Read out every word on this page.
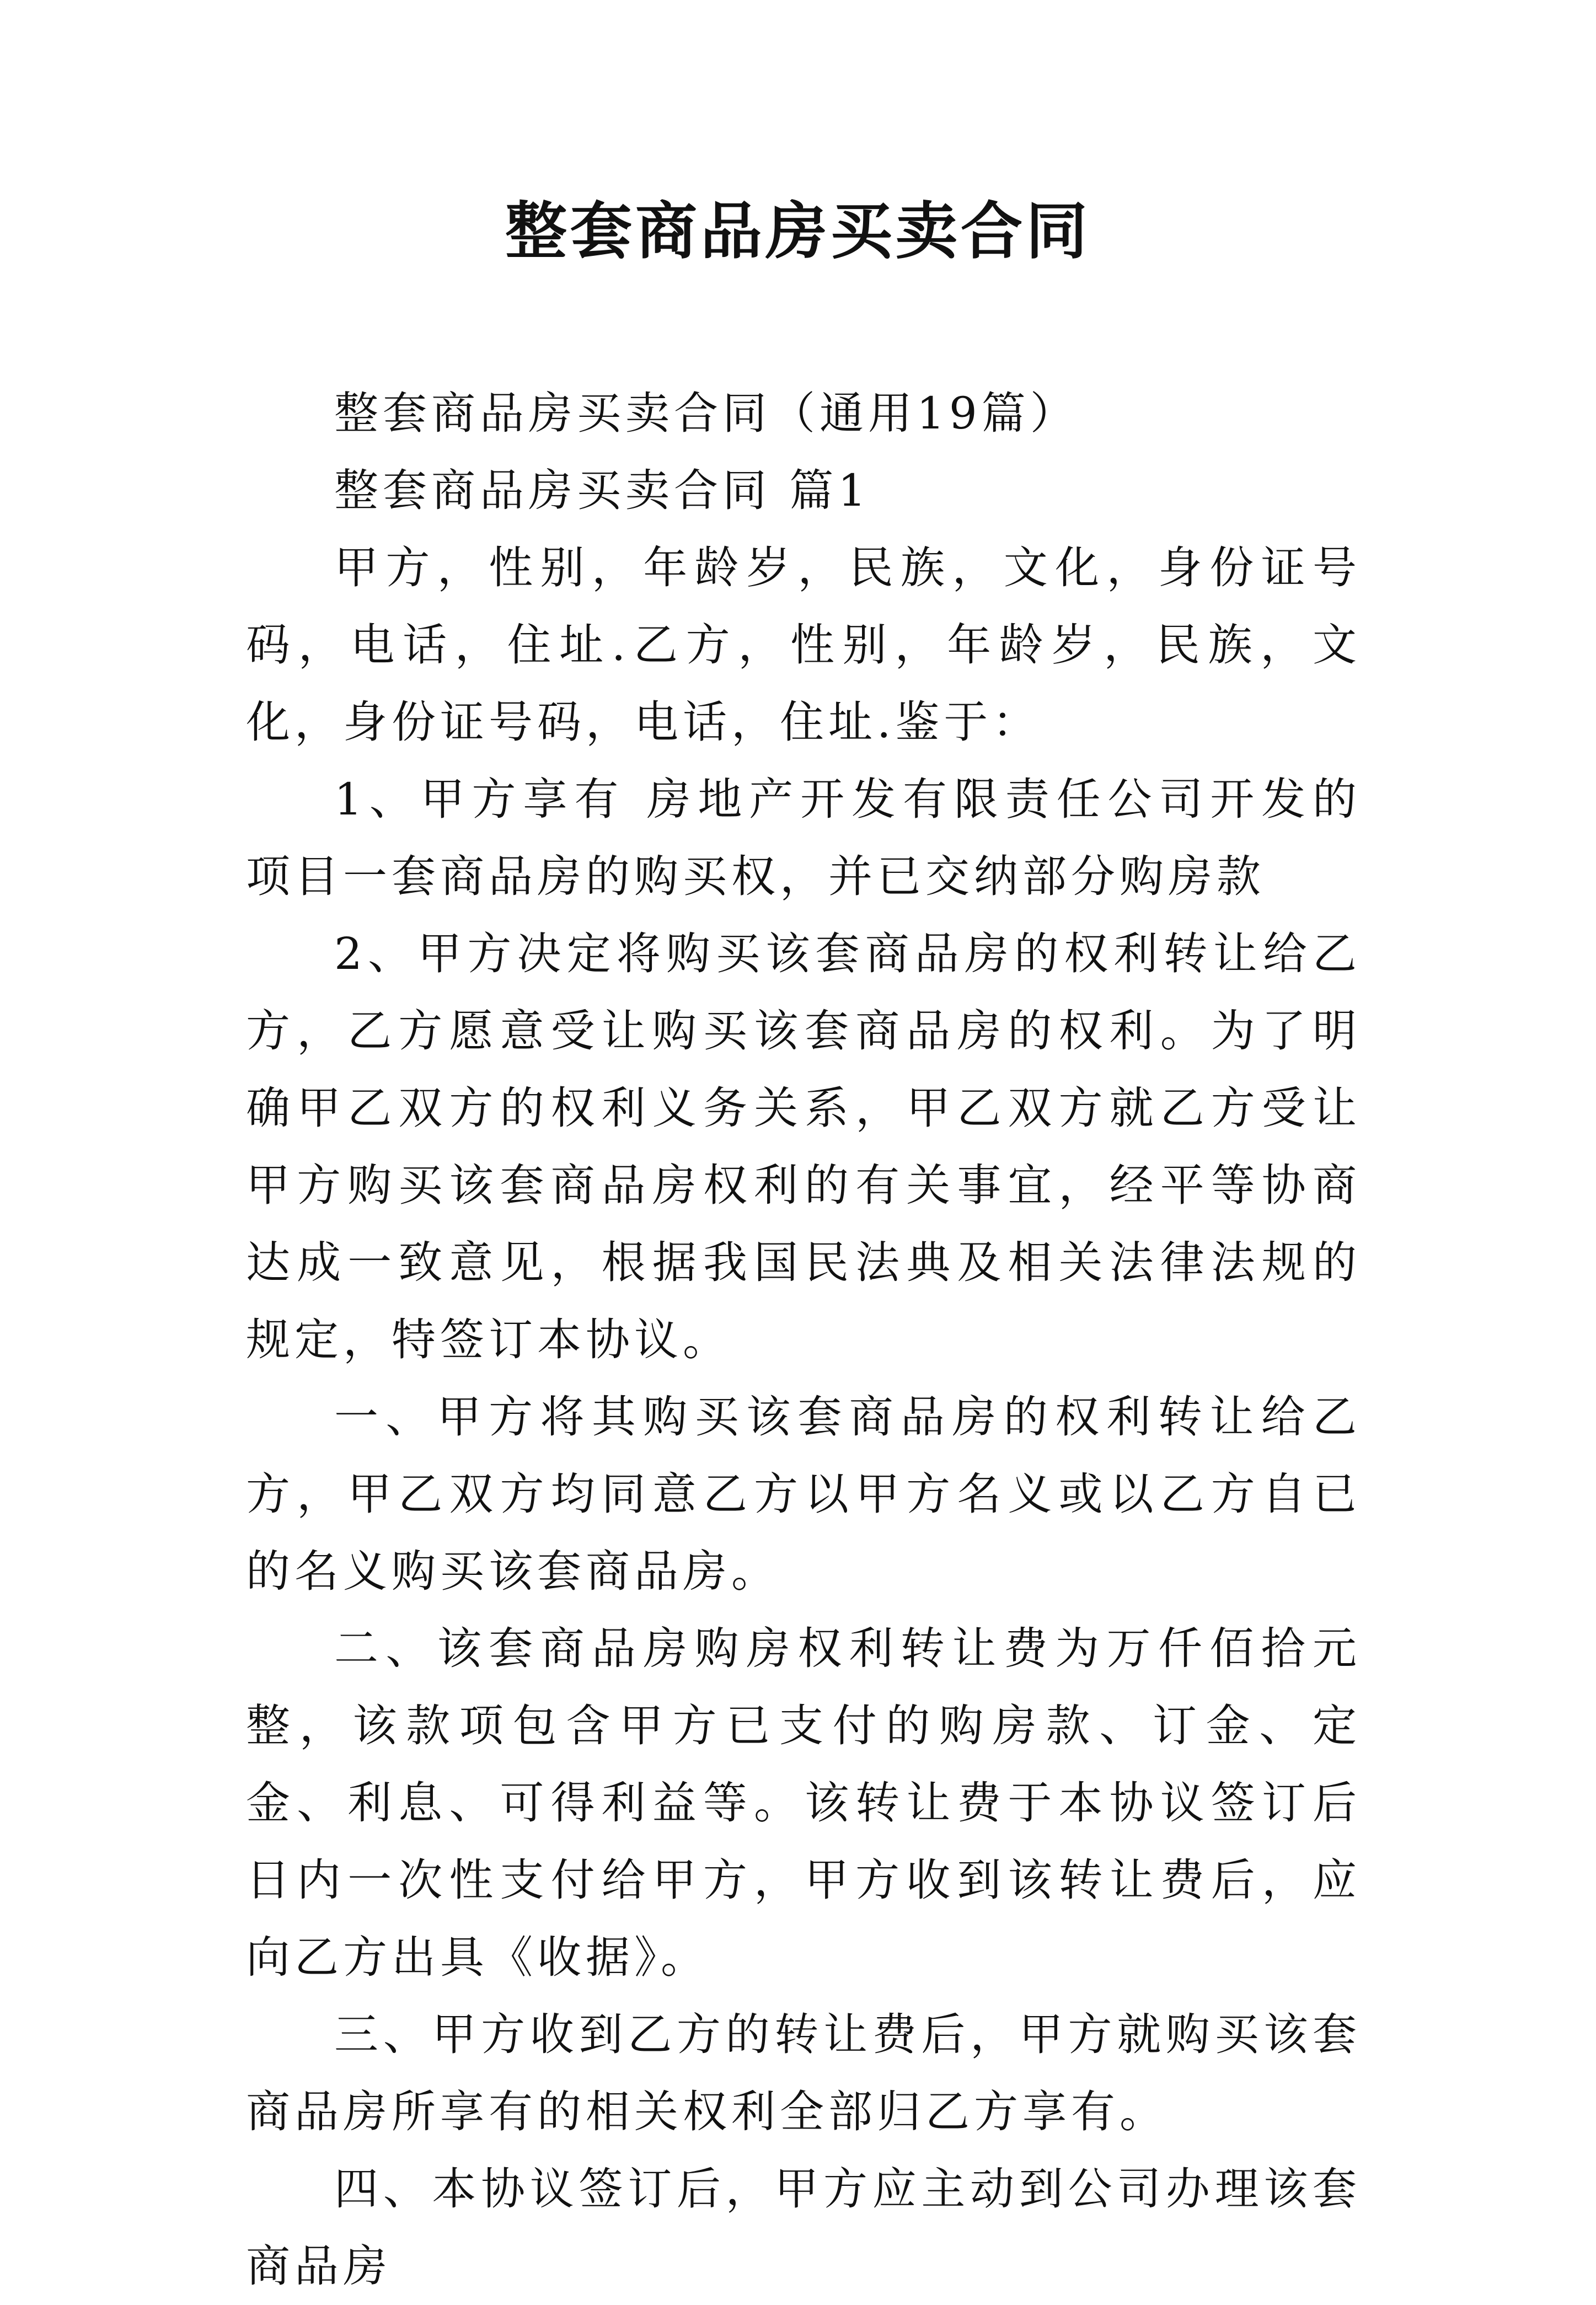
整套商品房买卖合同

整套商品房买卖合同（通用19篇）

整套商品房买卖合同 篇1

甲方，性别，年龄岁，民族，文化，身份证号码，电话，住址.乙方，性别，年龄岁，民族，文化，身份证号码，电话，住址.鉴于：

1、甲方享有 房地产开发有限责任公司开发的 项目一套商品房的购买权，并已交纳部分购房款

2、甲方决定将购买该套商品房的权利转让给乙方，乙方愿意受让购买该套商品房的权利。为了明确甲乙双方的权利义务关系，甲乙双方就乙方受让甲方购买该套商品房权利的有关事宜，经平等协商达成一致意见，根据我国民法典及相关法律法规的规定，特签订本协议。

一、甲方将其购买该套商品房的权利转让给乙方，甲乙双方均同意乙方以甲方名义或以乙方自已的名义购买该套商品房。

二、该套商品房购房权利转让费为万仟佰拾元整，该款项包含甲方已支付的购房款、订金、定金、利息、可得利益等。该转让费于本协议签订后日内一次性支付给甲方，甲方收到该转让费后，应向乙方出具《收据》。

三、甲方收到乙方的转让费后，甲方就购买该套商品房所享有的相关权利全部归乙方享有。

四、本协议签订后，甲方应主动到公司办理该套商品房
